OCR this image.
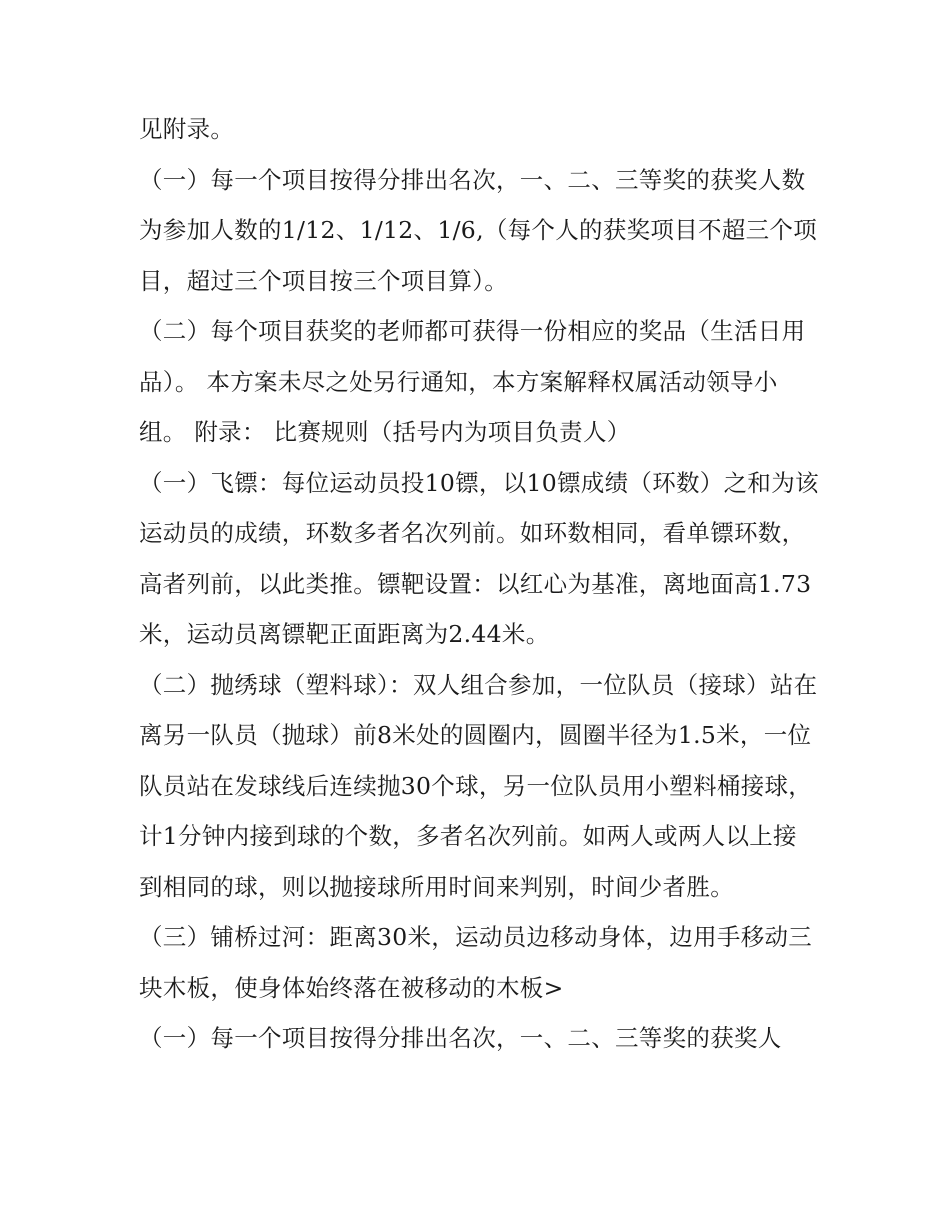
见附录。

（一）每一个项目按得分排出名次，一、二、三等奖的获奖人数为参加人数的1/12、1/12、1/6,（每个人的获奖项目不超三个项目，超过三个项目按三个项目算）。

（二）每个项目获奖的老师都可获得一份相应的奖品（生活日用品）。 本方案未尽之处另行通知，本方案解释权属活动领导小组。 附录： 比赛规则（括号内为项目负责人）

（一）飞镖：每位运动员投10镖，以10镖成绩（环数）之和为该运动员的成绩，环数多者名次列前。如环数相同，看单镖环数，高者列前，以此类推。镖靶设置：以红心为基准，离地面高1.73米，运动员离镖靶正面距离为2.44米。

（二）抛绣球（塑料球）：双人组合参加，一位队员（接球）站在离另一队员（抛球）前8米处的圆圈内，圆圈半径为1.5米，一位队员站在发球线后连续抛30个球，另一位队员用小塑料桶接球，计1分钟内接到球的个数，多者名次列前。如两人或两人以上接到相同的球，则以抛接球所用时间来判别，时间少者胜。

（三）铺桥过河：距离30米，运动员边移动身体，边用手移动三块木板，使身体始终落在被移动的木板>

（一）每一个项目按得分排出名次，一、二、三等奖的获奖人
